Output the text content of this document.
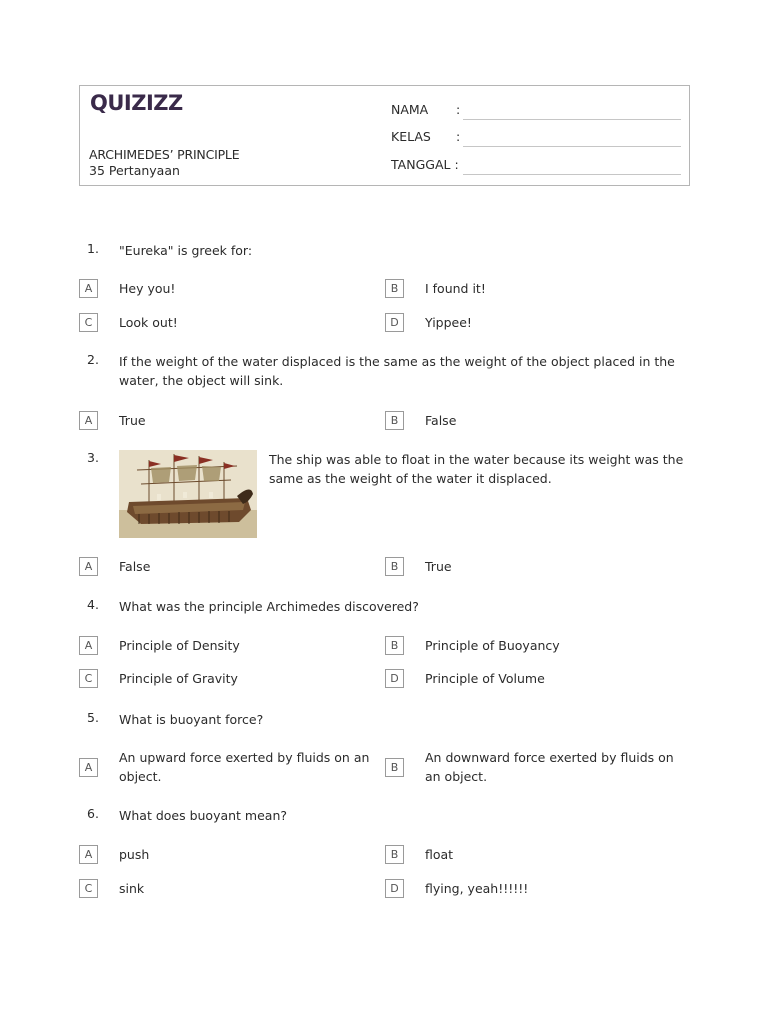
QUIZIZZ
ARCHIMEDES’ PRINCIPLE
35 Pertanyaan
NAMA :
KELAS :
TANGGAL :
1. "Eureka" is greek for:
A	Hey you!	B	I found it!
C	Look out!	D	Yippee!
2. If the weight of the water displaced is the same as the weight of the object placed in the water, the object will sink.
A	True	B	False
3.	The ship was able to float in the water because its weight was the same as the weight of the water it displaced.
A	False	B	True
4. What was the principle Archimedes discovered?
A	Principle of Density	B	Principle of Buoyancy
C	Principle of Gravity	D	Principle of Volume
5. What is buoyant force?
A
An upward force exerted by fluids on an object.
B
An downward force exerted by fluids on an object.
6. What does buoyant mean?
A	push	B	float
C	sink	D	flying, yeah!!!!!!
